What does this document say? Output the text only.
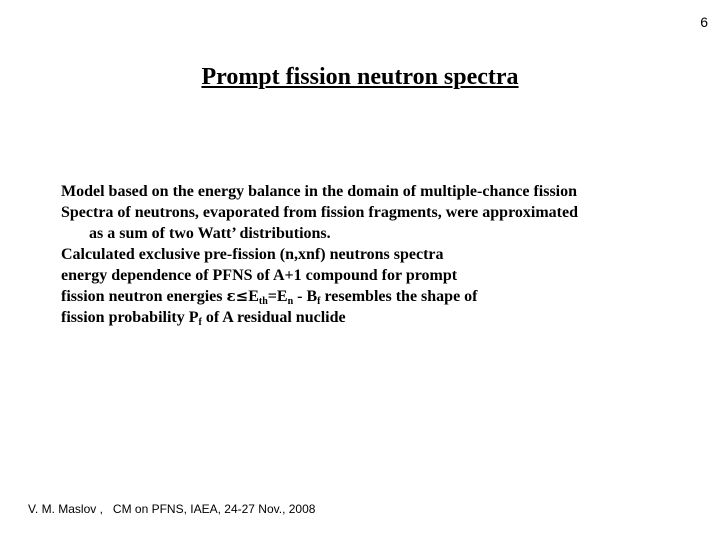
6
Prompt fission neutron spectra
Model based on the energy balance in the domain of multiple-chance fission
Spectra of neutrons, evaporated from fission fragments, were approximated
as a sum of two Watt’ distributions.
Calculated exclusive pre-fission (n,xnf) neutrons spectra
energy dependence of PFNS of A+1 compound for prompt
fission neutron energies $\varepsilon\le E_{th}=E_n - B_f$ resembles the shape of
fission probability $P_f$ of A residual nuclide
V. M. Maslov ,   CM on PFNS, IAEA, 24-27 Nov., 2008
